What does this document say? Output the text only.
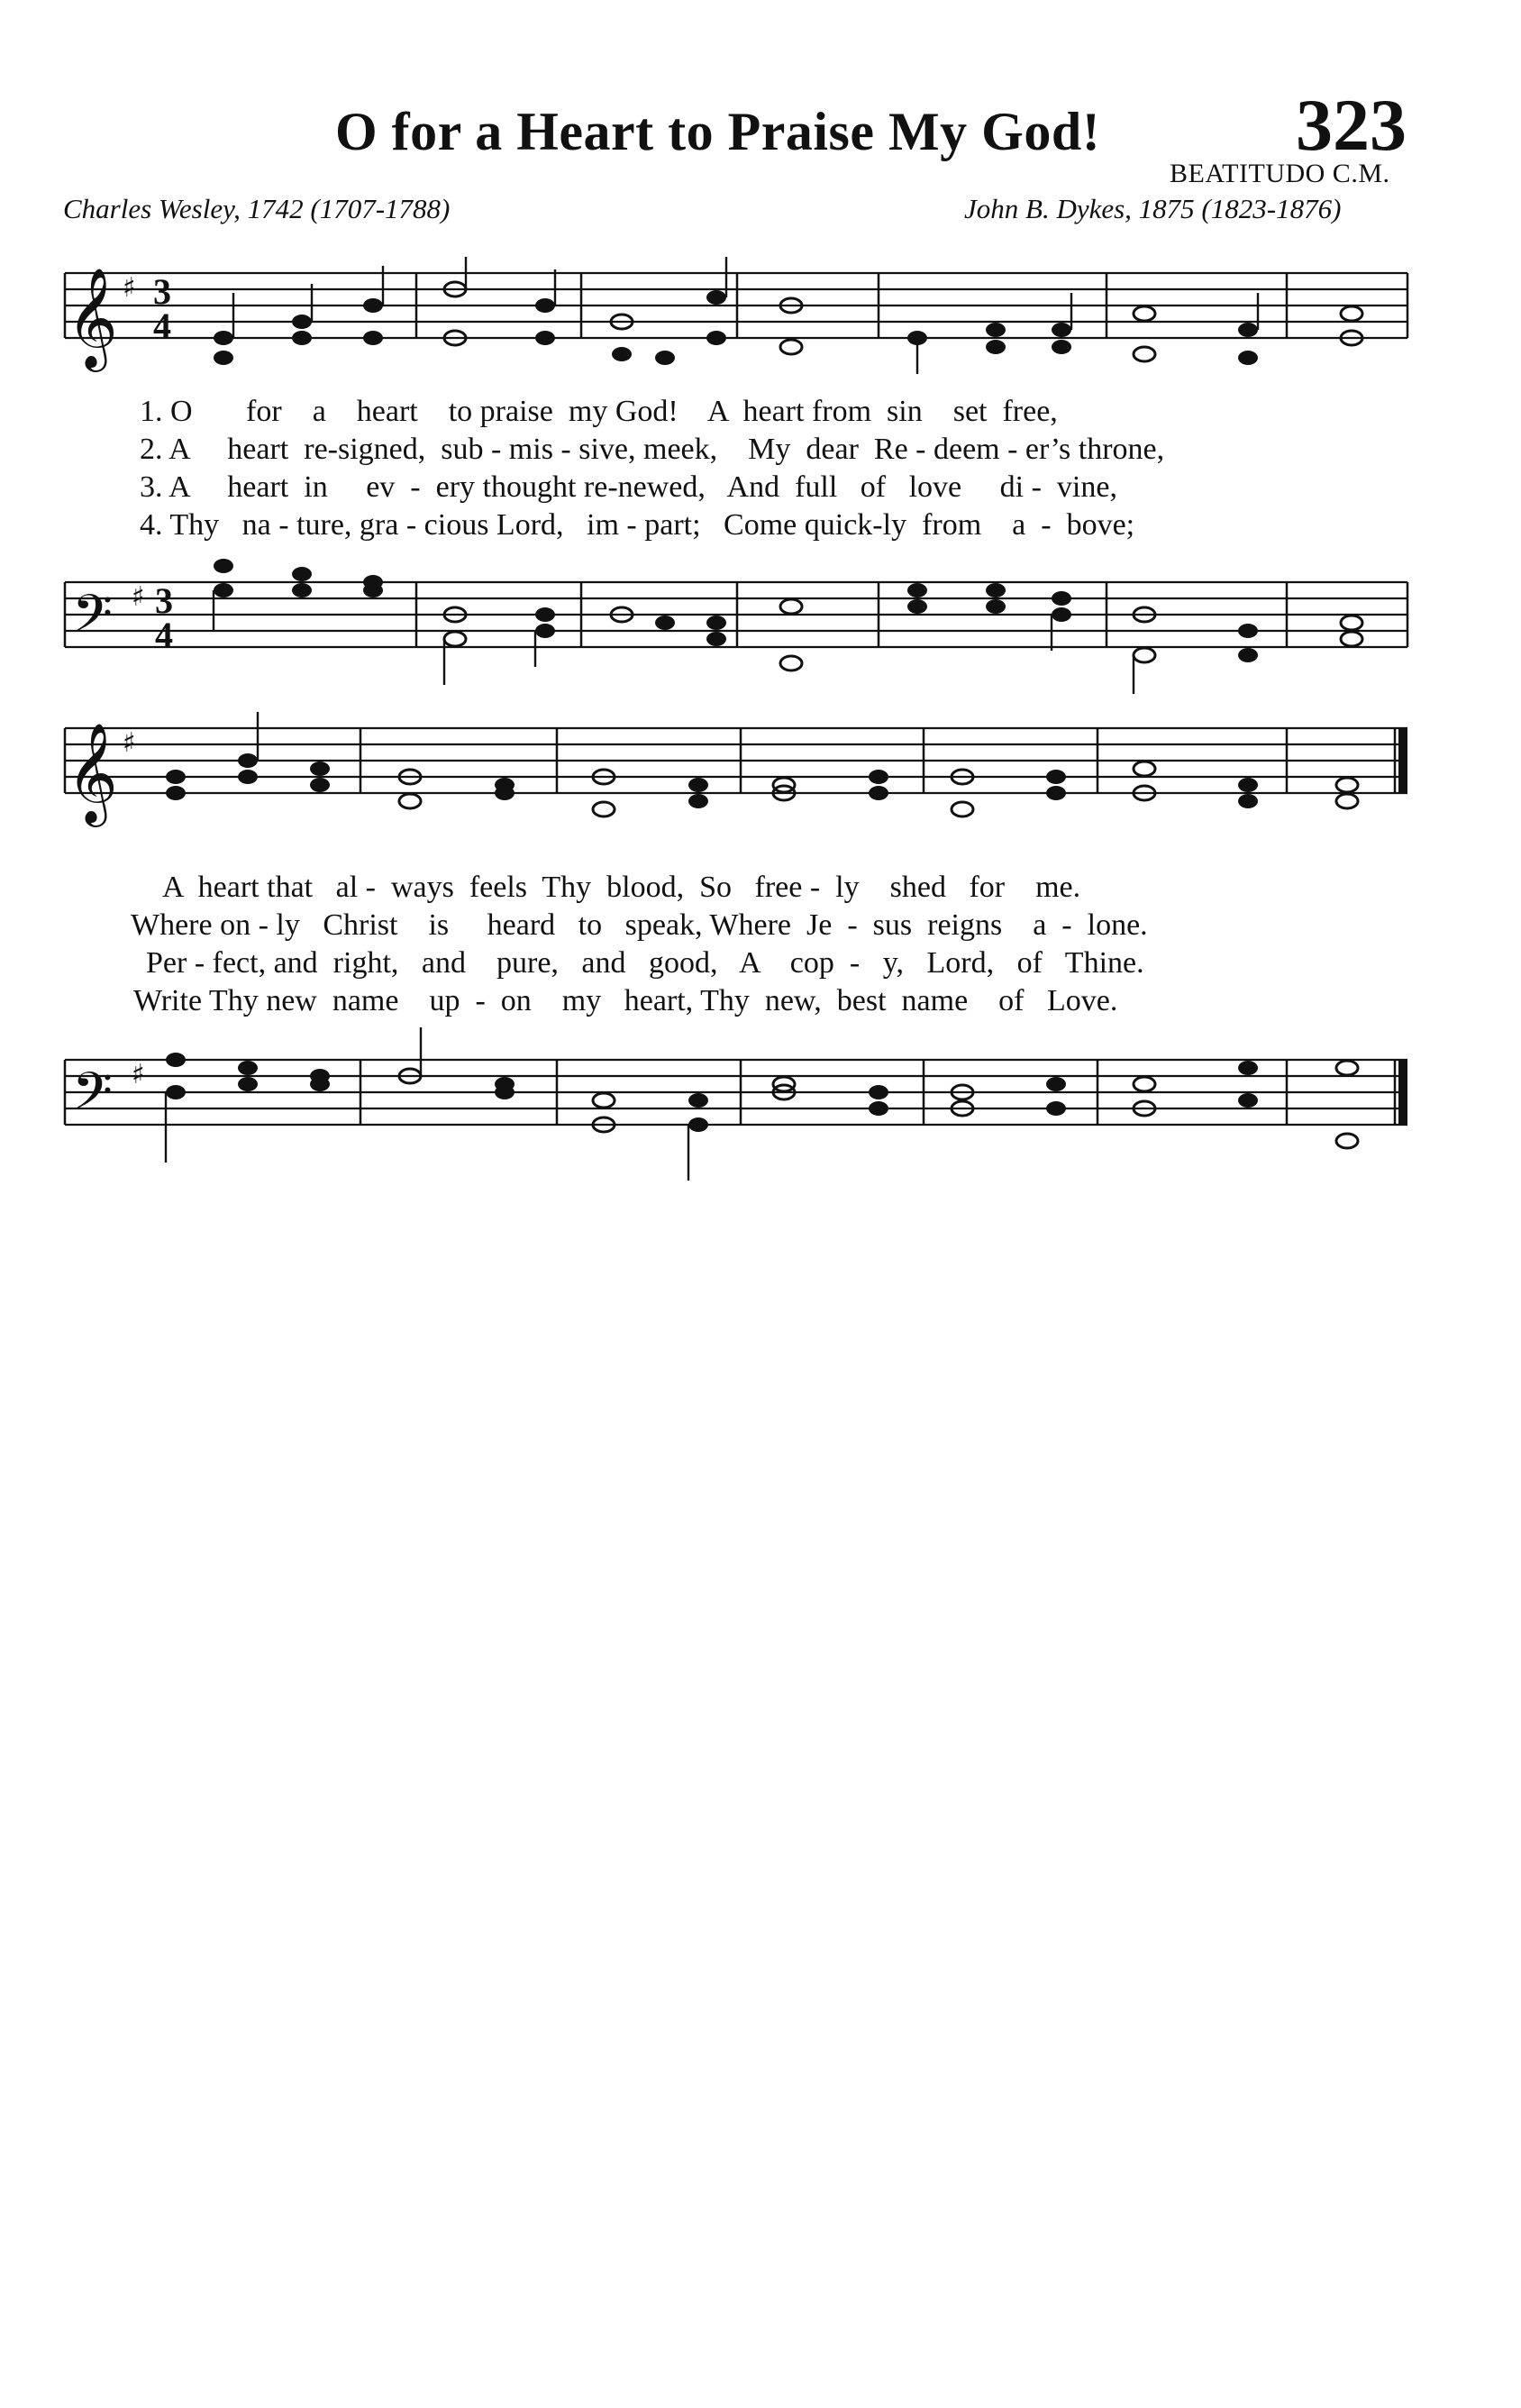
O for a Heart to Praise My God!	323
BEATITUDO C.M.
Charles Wesley, 1742 (1707-1788)	John B. Dykes, 1875 (1823-1876)
𝄞 ♯ 3
4
1. O       for    a    heart    to praise  my God!    A  heart from  sin    set  free,
2. A     heart  re-signed,  sub - mis - sive, meek,    My  dear  Re - deem - er’s throne,
3. A     heart  in     ev  -  ery thought re-newed,   And  full   of   love     di -  vine,
4. Thy   na - ture, gra - cious Lord,   im - part;   Come quick-ly  from    a  -  bove;
𝄢 ♯ 3
4
𝄞 ♯
A  heart that   al -  ways  feels  Thy  blood,  So   free -  ly    shed   for    me.
Where on - ly   Christ    is     heard   to   speak, Where  Je  -  sus  reigns    a  -  lone.
Per - fect, and  right,   and    pure,   and   good,   A    cop  -   y,   Lord,   of   Thine.
Write Thy new  name    up  -  on    my   heart, Thy  new,  best  name    of   Love.
𝄢 ♯
